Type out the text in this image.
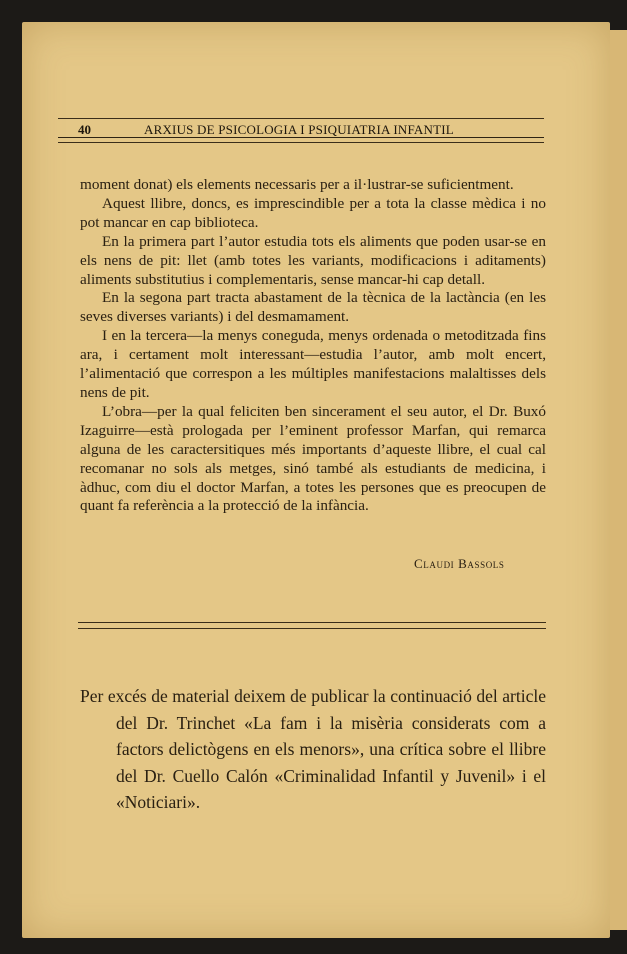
40	ARXIUS DE PSICOLOGIA I PSIQUIATRIA INFANTIL

moment donat) els elements necessaris per a il·lustrar-se suficientment.

Aquest llibre, doncs, es imprescindible per a tota la classe mèdica i no pot mancar en cap biblioteca.

En la primera part l’autor estudia tots els aliments que poden usar-se en els nens de pit: llet (amb totes les variants, modificacions i aditaments) aliments substitutius i complementaris, sense mancar-hi cap detall.

En la segona part tracta abastament de la tècnica de la lactància (en les seves diverses variants) i del desmamament.

I en la tercera—la menys coneguda, menys ordenada o metoditzada fins ara, i certament molt interessant—estudia l’autor, amb molt encert, l’alimentació que correspon a les múltiples manifestacions malaltisses dels nens de pit.

L’obra—per la qual feliciten ben sincerament el seu autor, el Dr. Buxó Izaguirre—està prologada per l’eminent professor Marfan, qui remarca alguna de les caractersitiques més importants d’aqueste llibre, el cual cal recomanar no sols als metges, sinó també als estudiants de medicina, i àdhuc, com diu el doctor Marfan, a totes les persones que es preocupen de quant fa referència a la protecció de la infància.

Claudi Bassols
Per excés de material deixem de publicar la continuació del article del Dr. Trinchet «La fam i la misèria considerats com a factors delictògens en els menors», una crítica sobre el llibre del Dr. Cuello Calón «Criminalidad Infantil y Juvenil» i el «Noticiari».
